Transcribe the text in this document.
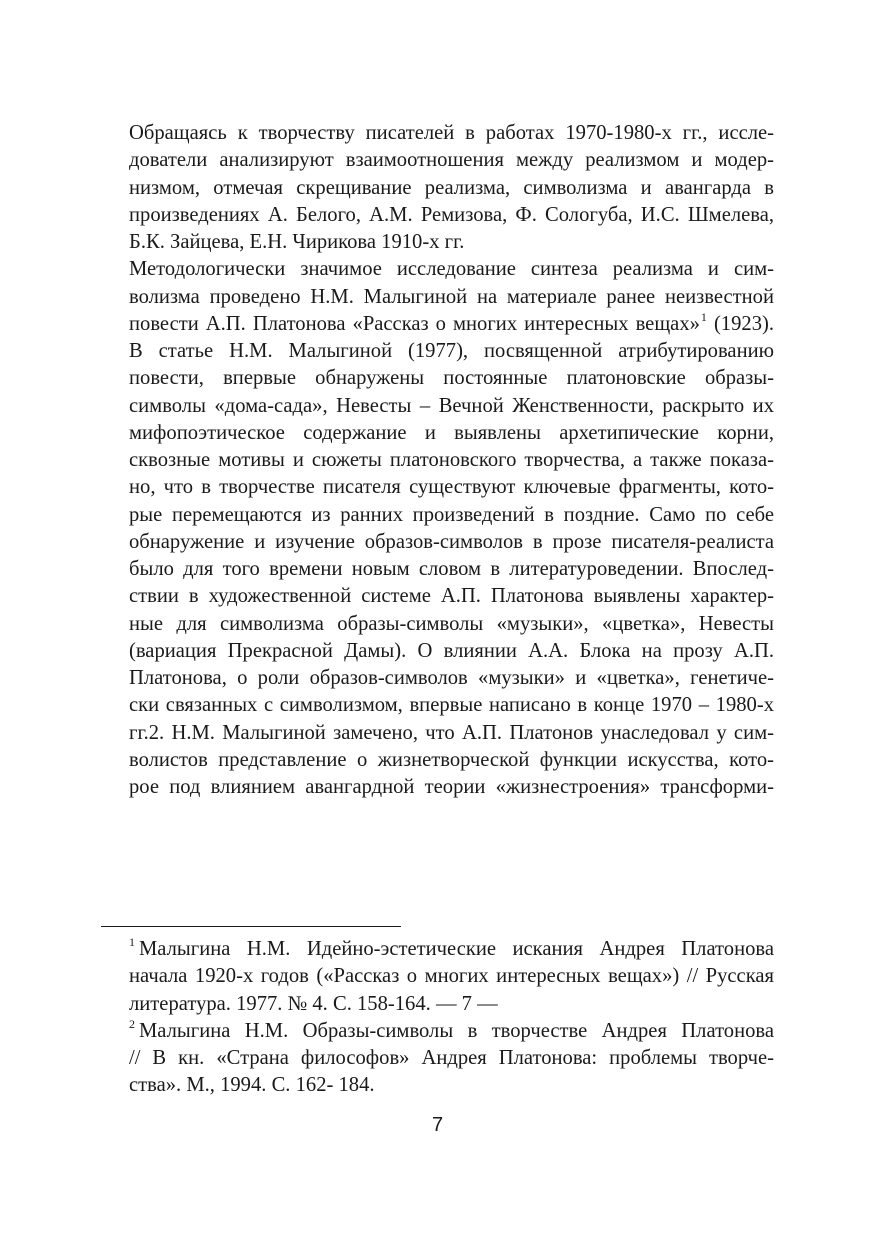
Обращаясь к творчеству писателей в работах 1970-1980-х гг., иссле-
дователи анализируют взаимоотношения между реализмом и модер-
низмом, отмечая скрещивание реализма, символизма и авангарда в
произведениях А. Белого, А.М. Ремизова, Ф. Сологуба, И.С. Шмелева,
Б.К. Зайцева, Е.Н. Чирикова 1910-х гг.

Методологически значимое исследование синтеза реализма и сим-
волизма проведено Н.М. Малыгиной на материале ранее неизвестной
повести А.П. Платонова «Рассказ о многих интересных вещах»$^1$ (1923).

В статье Н.М. Малыгиной (1977), посвященной атрибутированию
повести, впервые обнаружены постоянные платоновские образы-
символы «дома-сада», Невесты – Вечной Женственности, раскрыто их
мифопоэтическое содержание и выявлены архетипические корни,
сквозные мотивы и сюжеты платоновского творчества, а также показа-
но, что в творчестве писателя существуют ключевые фрагменты, кото-
рые перемещаются из ранних произведений в поздние. Само по себе
обнаружение и изучение образов-символов в прозе писателя-реалиста
было для того времени новым словом в литературоведении. Впослед-
ствии в художественной системе А.П. Платонова выявлены характер-
ные для символизма образы-символы «музыки», «цветка», Невесты
(вариация Прекрасной Дамы). О влиянии А.А. Блока на прозу А.П.
Платонова, о роли образов-символов «музыки» и «цветка», генетиче-
ски связанных с символизмом, впервые написано в конце 1970 – 1980-х
гг.2. Н.М. Малыгиной замечено, что А.П. Платонов унаследовал у сим-
волистов представление о жизнетворческой функции искусства, кото-
рое под влиянием авангардной теории «жизнестроения» трансформи-

$^1$ Малыгина Н.М. Идейно-эстетические искания Андрея Платонова
начала 1920-х годов («Рассказ о многих интересных вещах») // Русская
литература. 1977. № 4. С. 158-164. — 7 —

$^2$ Малыгина Н.М. Образы-символы в творчестве Андрея Платонова
// В кн. «Страна философов» Андрея Платонова: проблемы творче-
ства». М., 1994. С. 162- 184.

7
